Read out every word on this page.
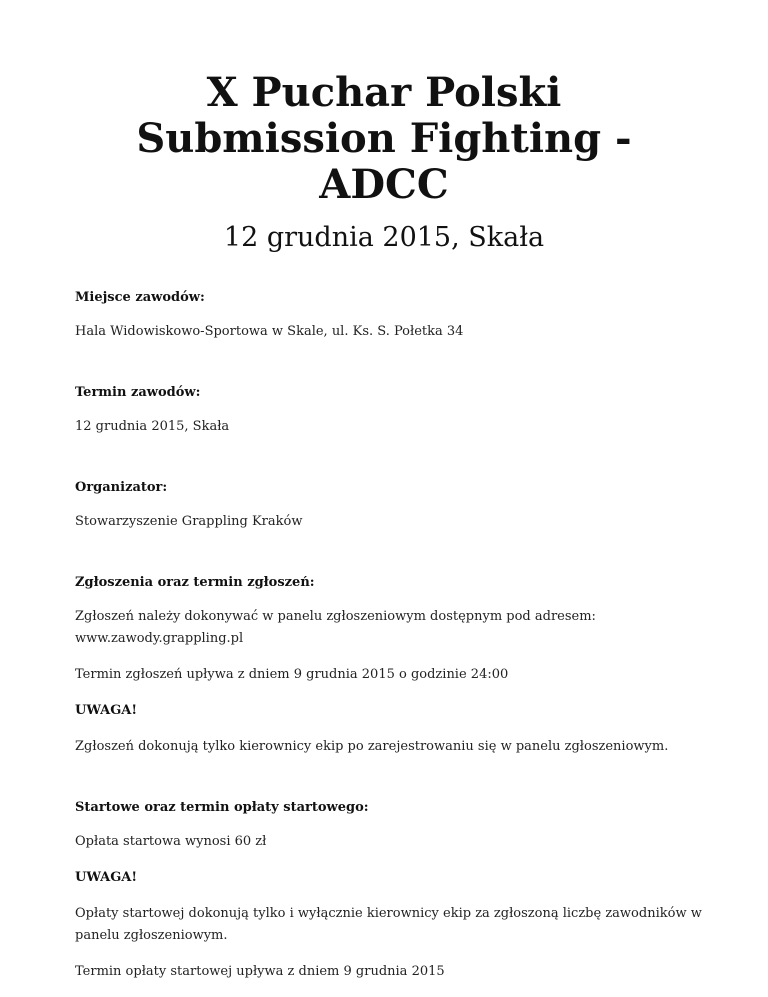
X Puchar Polski Submission Fighting - ADCC
12 grudnia 2015, Skała
Miejsce zawodów:
Hala Widowiskowo-Sportowa w Skale, ul. Ks. S. Połetka 34
Termin zawodów:
12 grudnia 2015, Skała
Organizator:
Stowarzyszenie Grappling Kraków
Zgłoszenia oraz termin zgłoszeń:
Zgłoszeń należy dokonywać w panelu zgłoszeniowym dostępnym pod adresem: www.zawody.grappling.pl
Termin zgłoszeń upływa z dniem 9 grudnia 2015 o godzinie 24:00
UWAGA!
Zgłoszeń dokonują tylko kierownicy ekip po zarejestrowaniu się w panelu zgłoszeniowym.
Startowe oraz termin opłaty startowego:
Opłata startowa wynosi 60 zł
UWAGA!
Opłaty startowej dokonują tylko i wyłącznie kierownicy ekip za zgłoszoną liczbę zawodników w panelu zgłoszeniowym.
Termin opłaty startowej upływa z dniem 9 grudnia 2015
